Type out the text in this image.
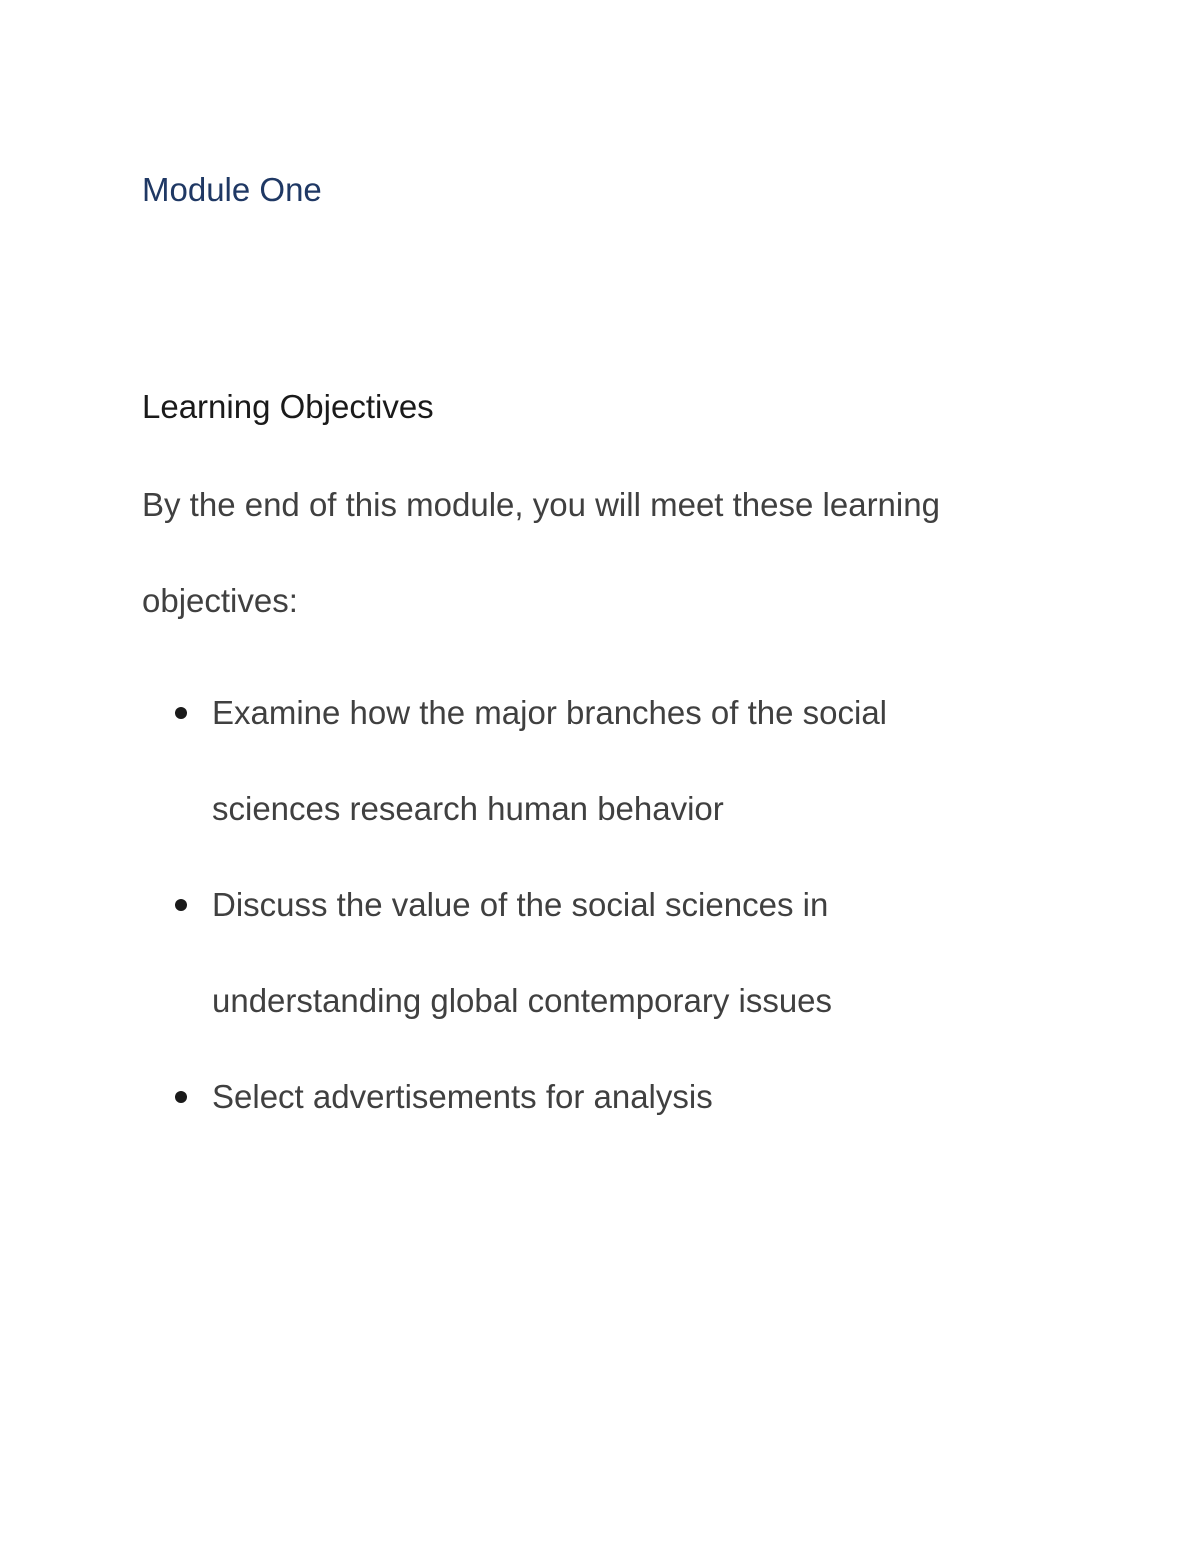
Module One
Learning Objectives

By the end of this module, you will meet these learning
objectives:

Examine how the major branches of the social
sciences research human behavior
Discuss the value of the social sciences in
understanding global contemporary issues
Select advertisements for analysis
